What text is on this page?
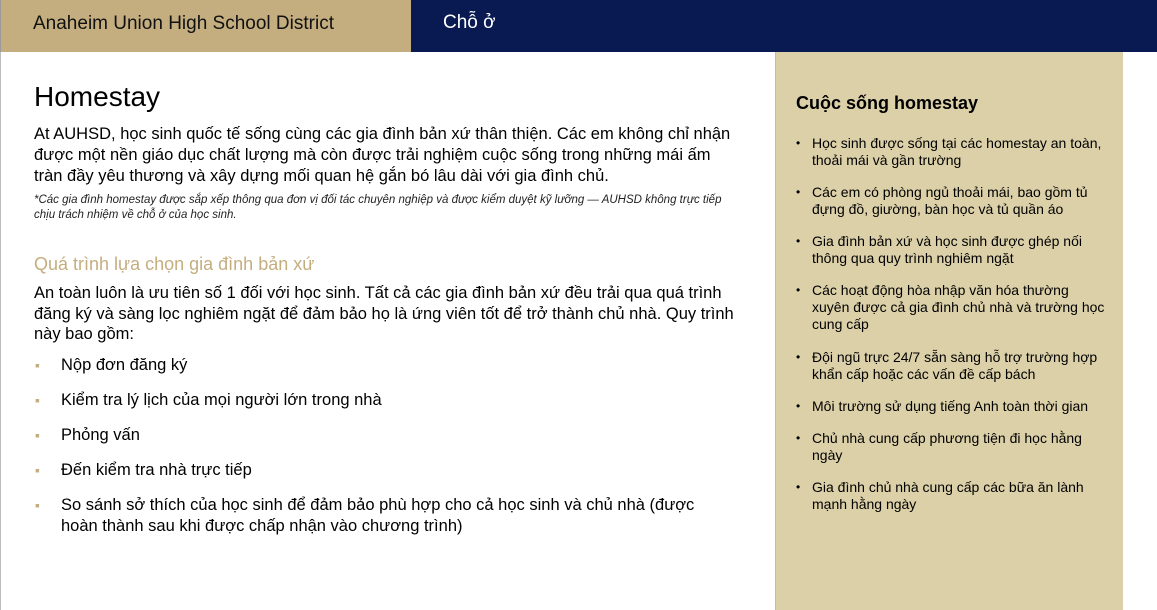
Anaheim Union High School District	Chỗ ở
Homestay

At AUHSD, học sinh quốc tế sống cùng các gia đình bản xứ thân thiện. Các em không chỉ nhận được một nền giáo dục chất lượng mà còn được trải nghiệm cuộc sống trong những mái ấm tràn đầy yêu thương và xây dựng mối quan hệ gắn bó lâu dài với gia đình chủ.

*Các gia đình homestay được sắp xếp thông qua đơn vị đối tác chuyên nghiệp và được kiểm duyệt kỹ lưỡng — AUHSD không trực tiếp chịu trách nhiệm về chỗ ở của học sinh.

Quá trình lựa chọn gia đình bản xứ

An toàn luôn là ưu tiên số 1 đối với học sinh. Tất cả các gia đình bản xứ đều trải qua quá trình đăng ký và sàng lọc nghiêm ngặt để đảm bảo họ là ứng viên tốt để trở thành chủ nhà. Quy trình này bao gồm:

▪ Nộp đơn đăng ký
▪ Kiểm tra lý lịch của mọi người lớn trong nhà
▪ Phỏng vấn
▪ Đến kiểm tra nhà trực tiếp
▪ So sánh sở thích của học sinh để đảm bảo phù hợp cho cả học sinh và chủ nhà (được hoàn thành sau khi được chấp nhận vào chương trình)
Cuộc sống homestay
• Học sinh được sống tại các homestay an toàn, thoải mái và gần trường
• Các em có phòng ngủ thoải mái, bao gồm tủ đựng đồ, giường, bàn học và tủ quần áo
• Gia đình bản xứ và học sinh được ghép nối thông qua quy trình nghiêm ngặt
• Các hoạt động hòa nhập văn hóa thường xuyên được cả gia đình chủ nhà và trường học cung cấp
• Đội ngũ trực 24/7 sẵn sàng hỗ trợ trường hợp khẩn cấp hoặc các vấn đề cấp bách
• Môi trường sử dụng tiếng Anh toàn thời gian
• Chủ nhà cung cấp phương tiện đi học hằng ngày
• Gia đình chủ nhà cung cấp các bữa ăn lành mạnh hằng ngày
